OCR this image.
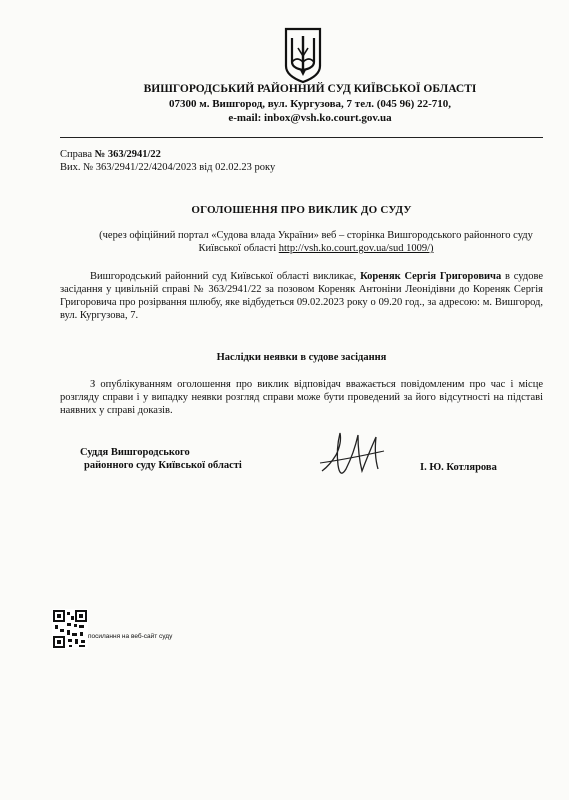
ВИШГОРОДСЬКИЙ РАЙОННИЙ СУД КИЇВСЬКОЇ ОБЛАСТІ
07300 м. Вишгород, вул. Кургузова, 7 тел. (045 96) 22-710,
e-mail: inbox@vsh.ko.court.gov.ua
Справа № 363/2941/22
Вих. № 363/2941/22/4204/2023 від 02.02.23 року
ОГОЛОШЕННЯ ПРО ВИКЛИК ДО СУДУ
(через офіційний портал «Судова влада України» веб – сторінка Вишгородського районного суду Київської області http://vsh.ko.court.gov.ua/sud 1009/)
Вишгородський районний суд Київської області викликає, Кореняк Сергія Григоровича в судове засідання у цивільній справі № 363/2941/22 за позовом Кореняк Антоніни Леонідівни до Кореняк Сергія Григоровича про розірвання шлюбу, яке відбудеться 09.02.2023 року о 09.20 год., за адресою: м. Вишгород, вул. Кургузова, 7.
Наслідки неявки в судове засідання
З опублікуванням оголошення про виклик відповідач вважається повідомленим про час і місце розгляду справи і у випадку неявки розгляд справи може бути проведений за його відсутності на підставі наявних у справі доказів.
Суддя Вишгородського
районного суду Київської області	І. Ю. Котлярова
посилання на веб-сайт суду
